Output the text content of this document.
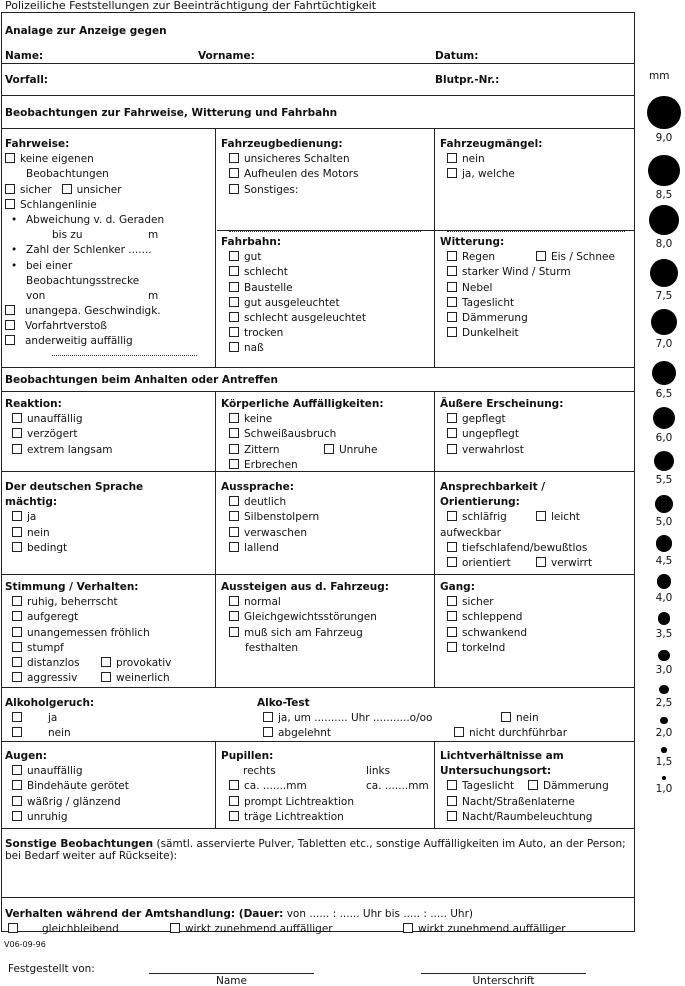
Polizeiliche Feststellungen zur Beeinträchtigung der Fahrtüchtigkeit
Analage zur Anzeige gegen
Name:	Vorname:	Datum:
Vorfall:	Blutpr.-Nr.:
Beobachtungen zur Fahrweise, Witterung und Fahrbahn
Fahrweise:
keine eigenen
Beobachtungen
sicher unsicher
Schlangenlinie
• Abweichung v. d. Geraden
bis zu	m
• Zahl der Schlenker .......
• bei einer
Beobachtungsstrecke
von	m
unangepa. Geschwindigk.
Vorfahrtverstoß
anderweitig auffällig
Fahrzeugbedienung:
unsicheres Schalten
Aufheulen des Motors
Sonstiges:
Fahrzeugmängel:
nein
ja, welche
Fahrbahn:
gut
schlecht
Baustelle
gut ausgeleuchtet
schlecht ausgeleuchtet
trocken
naß
Witterung:
Regen	Eis / Schnee
starker Wind / Sturm
Nebel
Tageslicht
Dämmerung
Dunkelheit
Beobachtungen beim Anhalten oder Antreffen
Reaktion:
unauffällig
verzögert
extrem langsam
Körperliche Auffälligkeiten:
keine
Schweißausbruch
Zittern	Unruhe
Erbrechen
Äußere Erscheinung:
gepflegt
ungepflegt
verwahrlost
Der deutschen Sprache
mächtig:
ja
nein
bedingt
Aussprache:
deutlich
Silbenstolpern
verwaschen
lallend
Ansprechbarkeit /
Orientierung:
schläfrig	leicht
aufweckbar
tiefschlafend/bewußtlos
orientiert	verwirrt
Stimmung / Verhalten:
ruhig, beherrscht
aufgeregt
unangemessen fröhlich
stumpf
distanzlos	provokativ
aggressiv	weinerlich
Aussteigen aus d. Fahrzeug:
normal
Gleichgewichtsstörungen
muß sich am Fahrzeug
festhalten
Gang:
sicher
schleppend
schwankend
torkelnd
Alkoholgeruch:
ja
nein
Alko-Test
ja, um .......... Uhr ...........o/oo	nein
abgelehnt	nicht durchführbar
Augen:
unauffällig
Bindehäute gerötet
wäßrig / glänzend
unruhig
Pupillen:
rechts	links
ca. .......mm	ca. .......mm
prompt Lichtreaktion
träge Lichtreaktion
Lichtverhältnisse am
Untersuchungsort:
Tageslicht	Dämmerung
Nacht/Straßenlaterne
Nacht/Raumbeleuchtung
Sonstige Beobachtungen (sämtl. asservierte Pulver, Tabletten etc., sonstige Auffälligkeiten im Auto, an der Person;
bei Bedarf weiter auf Rückseite):
Verhalten während der Amtshandlung: (Dauer: von ...... : ...... Uhr bis ..... : ..... Uhr)
gleichbleibend	wirkt zunehmend auffälliger	wirkt zunehmend auffälliger
V06-09-96
Festgestellt von:
Name	Unterschrift
mm
9,0
8,5
8,0
7,5
7,0
6,5
6,0
5,5
5,0
4,5
4,0
3,5
3,0
2,5
2,0
1,5
1,0
